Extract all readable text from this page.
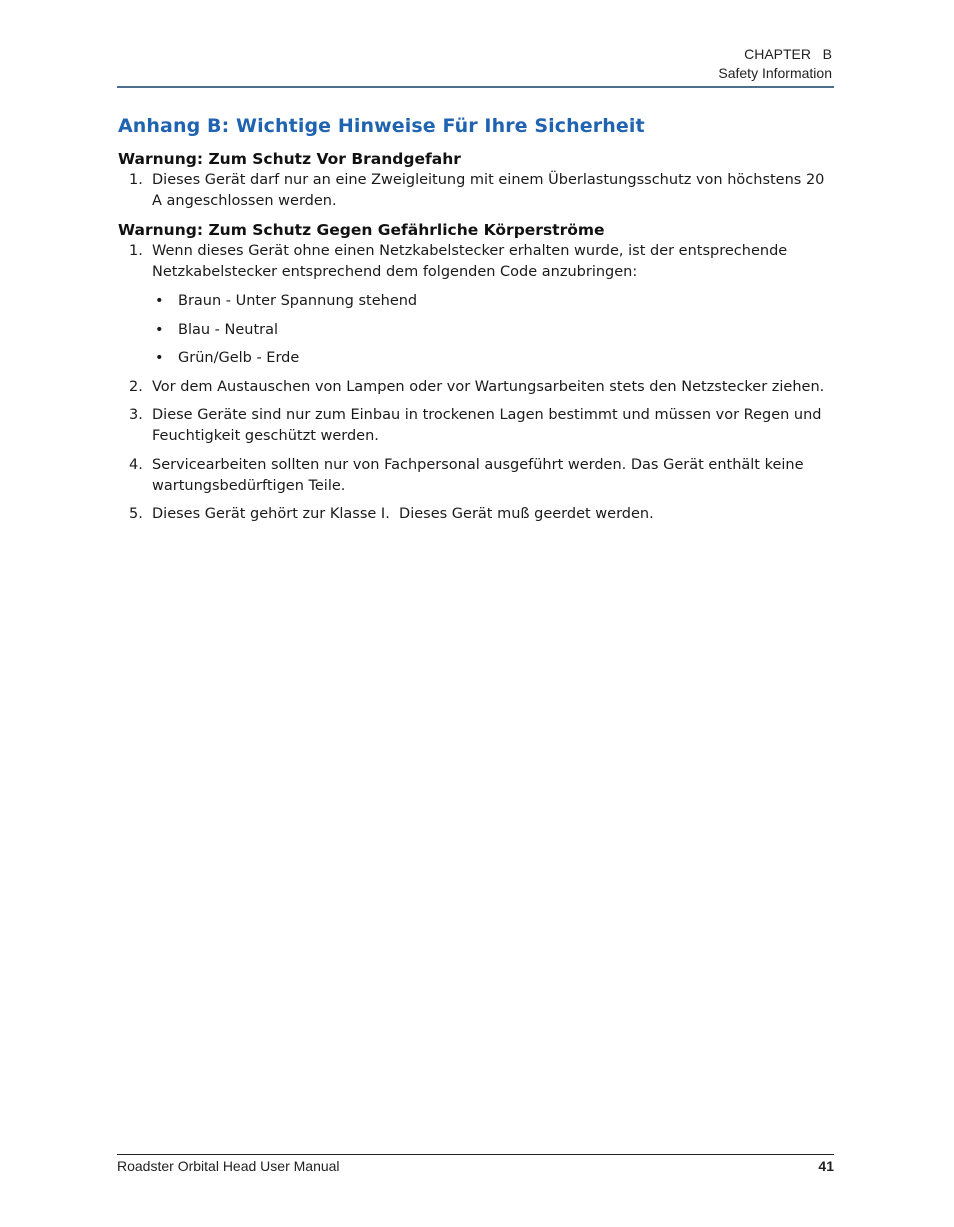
CHAPTER   B
Safety Information
Anhang B: Wichtige Hinweise Für Ihre Sicherheit
Warnung: Zum Schutz Vor Brandgefahr
1. Dieses Gerät darf nur an eine Zweigleitung mit einem Überlastungsschutz von höchstens 20 A angeschlossen werden.
Warnung: Zum Schutz Gegen Gefährliche Körperströme
1. Wenn dieses Gerät ohne einen Netzkabelstecker erhalten wurde, ist der entsprechende Netzkabelstecker entsprechend dem folgenden Code anzubringen:
• Braun - Unter Spannung stehend
• Blau - Neutral
• Grün/Gelb - Erde
2. Vor dem Austauschen von Lampen oder vor Wartungsarbeiten stets den Netzstecker ziehen.
3. Diese Geräte sind nur zum Einbau in trockenen Lagen bestimmt und müssen vor Regen und Feuchtigkeit geschützt werden.
4. Servicearbeiten sollten nur von Fachpersonal ausgeführt werden. Das Gerät enthält keine wartungsbedürftigen Teile.
5. Dieses Gerät gehört zur Klasse I.  Dieses Gerät muß geerdet werden.
Roadster Orbital Head User Manual	41
